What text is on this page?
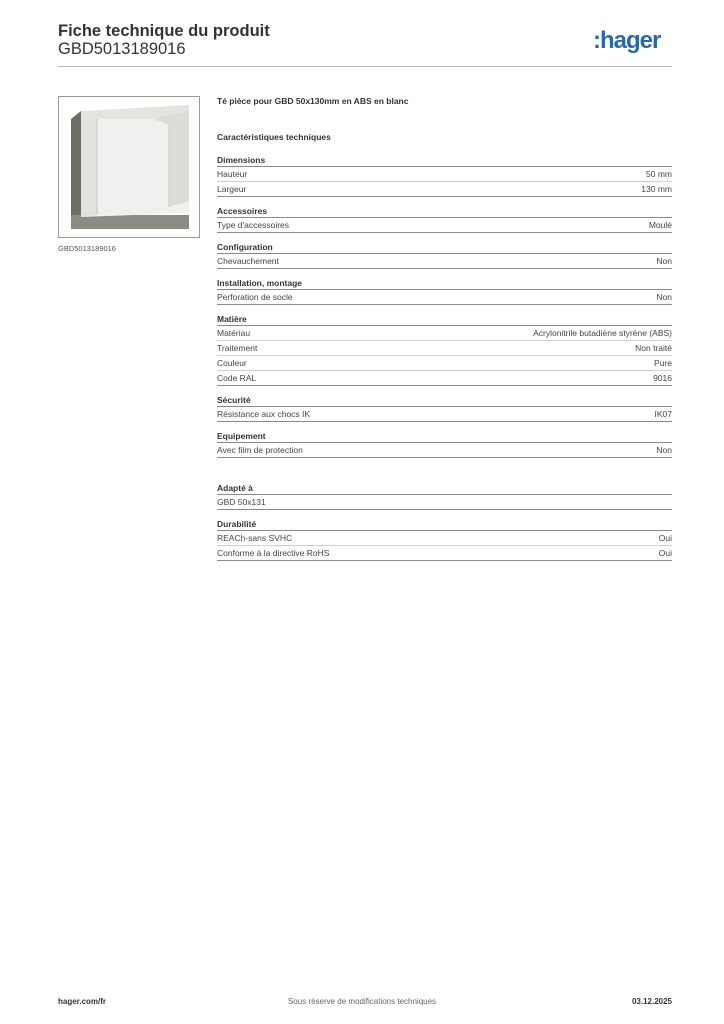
Fiche technique du produit
GBD5013189016	:hager
GBD5013189016
Té pièce pour GBD 50x130mm en ABS en blanc
Caractéristiques techniques
Dimensions
Hauteur	50 mm
Largeur	130 mm
Accessoires
Type d'accessoires	Moulé
Configuration
Chevauchement	Non
Installation, montage
Perforation de socle	Non
Matière
Matériau	Acrylonitrile butadiène styrène (ABS)
Traitement	Non traité
Couleur	Pure
Code RAL	9016
Sécurité
Résistance aux chocs IK	IK07
Equipement
Avec film de protection	Non
Adapté à
GBD 50x131
Durabilité
REACh-sans SVHC	Oui
Conforme à la directive RoHS	Oui
hager.com/fr	Sous réserve de modifications techniques	03.12.2025
